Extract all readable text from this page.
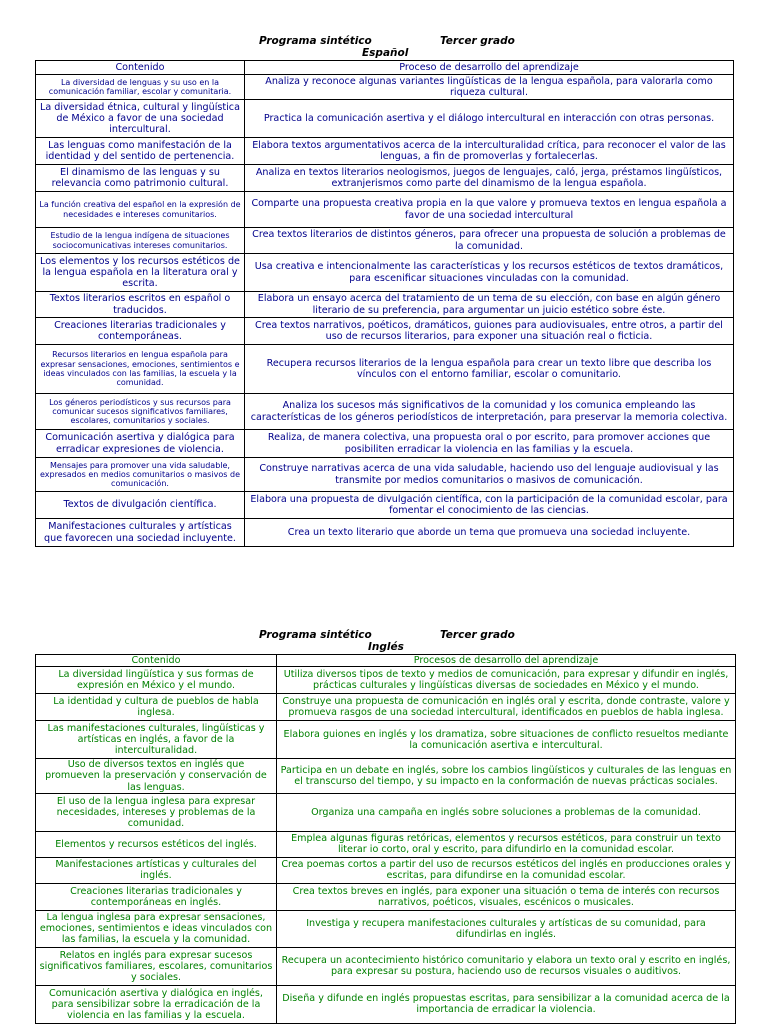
Programa sintético	Tercer grado
Español
Contenido	Proceso de desarrollo del aprendizaje
La diversidad de lenguas y su uso en la comunicación familiar, escolar y comunitaria.	Analiza y reconoce algunas variantes lingüísticas de la lengua española, para valorarla como riqueza cultural.
La diversidad étnica, cultural y lingüística de México a favor de una sociedad intercultural.	Practica la comunicación asertiva y el diálogo intercultural en interacción con otras personas.
Las lenguas como manifestación de la identidad y del sentido de pertenencia.	Elabora textos argumentativos acerca de la interculturalidad crítica, para reconocer el valor de las lenguas, a fin de promoverlas y fortalecerlas.
El dinamismo de las lenguas y su relevancia como patrimonio cultural.	Analiza en textos literarios neologismos, juegos de lenguajes, caló, jerga, préstamos lingüísticos, extranjerismos como parte del dinamismo de la lengua española.
La función creativa del español en la expresión de necesidades e intereses comunitarios.	Comparte una propuesta creativa propia en la que valore y promueva textos en lengua española a favor de una sociedad intercultural
Estudio de la lengua indígena de situaciones sociocomunicativas intereses comunitarios.	Crea textos literarios de distintos géneros, para ofrecer una propuesta de solución a problemas de la comunidad.
Los elementos y los recursos estéticos de la lengua española en la literatura oral y escrita.	Usa creativa e intencionalmente las características y los recursos estéticos de textos dramáticos, para escenificar situaciones vinculadas con la comunidad.
Textos literarios escritos en español o traducidos.	Elabora un ensayo acerca del tratamiento de un tema de su elección, con base en algún género literario de su preferencia, para argumentar un juicio estético sobre éste.
Creaciones literarias tradicionales y contemporáneas.	Crea textos narrativos, poéticos, dramáticos, guiones para audiovisuales, entre otros, a partir del uso de recursos literarios, para exponer una situación real o ficticia.
Recursos literarios en lengua española para expresar sensaciones, emociones, sentimientos e ideas vinculados con las familias, la escuela y la comunidad.	Recupera recursos literarios de la lengua española para crear un texto libre que describa los vínculos con el entorno familiar, escolar o comunitario.
Los géneros periodísticos y sus recursos para comunicar sucesos significativos familiares, escolares, comunitarios y sociales.	Analiza los sucesos más significativos de la comunidad y los comunica empleando las características de los géneros periodísticos de interpretación, para preservar la memoria colectiva.
Comunicación asertiva y dialógica para erradicar expresiones de violencia.	Realiza, de manera colectiva, una propuesta oral o por escrito, para promover acciones que posibiliten erradicar la violencia en las familias y la escuela.
Mensajes para promover una vida saludable, expresados en medios comunitarios o masivos de comunicación.	Construye narrativas acerca de una vida saludable, haciendo uso del lenguaje audiovisual y las transmite por medios comunitarios o masivos de comunicación.
Textos de divulgación científica.	Elabora una propuesta de divulgación científica, con la participación de la comunidad escolar, para fomentar el conocimiento de las ciencias.
Manifestaciones culturales y artísticas que favorecen una sociedad incluyente.	Crea un texto literario que aborde un tema que promueva una sociedad incluyente.
Programa sintético	Tercer grado
Inglés
Contenido	Procesos de desarrollo del aprendizaje
La diversidad lingüística y sus formas de expresión en México y el mundo.	Utiliza diversos tipos de texto y medios de comunicación, para expresar y difundir en inglés, prácticas culturales y lingüísticas diversas de sociedades en México y el mundo.
La identidad y cultura de pueblos de habla inglesa.	Construye una propuesta de comunicación en inglés oral y escrita, donde contraste, valore y promueva rasgos de una sociedad intercultural, identificados en pueblos de habla inglesa.
Las manifestaciones culturales, lingüísticas y artísticas en inglés, a favor de la interculturalidad.	Elabora guiones en inglés y los dramatiza, sobre situaciones de conflicto resueltos mediante la comunicación asertiva e intercultural.
Uso de diversos textos en inglés que promueven la preservación y conservación de las lenguas.	Participa en un debate en inglés, sobre los cambios lingüísticos y culturales de las lenguas en el transcurso del tiempo, y su impacto en la conformación de nuevas prácticas sociales.
El uso de la lengua inglesa para expresar necesidades, intereses y problemas de la comunidad.	Organiza una campaña en inglés sobre soluciones a problemas de la comunidad.
Elementos y recursos estéticos del inglés.	Emplea algunas figuras retóricas, elementos y recursos estéticos, para construir un texto literar io corto, oral y escrito, para difundirlo en la comunidad escolar.
Manifestaciones artísticas y culturales del inglés.	Crea poemas cortos a partir del uso de recursos estéticos del inglés en producciones orales y escritas, para difundirse en la comunidad escolar.
Creaciones literarias tradicionales y contemporáneas en inglés.	Crea textos breves en inglés, para exponer una situación o tema de interés con recursos narrativos, poéticos, visuales, escénicos o musicales.
La lengua inglesa para expresar sensaciones, emociones, sentimientos e ideas vinculados con las familias, la escuela y la comunidad.	Investiga y recupera manifestaciones culturales y artísticas de su comunidad, para difundirlas en inglés.
Relatos en inglés para expresar sucesos significativos familiares, escolares, comunitarios y sociales.	Recupera un acontecimiento histórico comunitario y elabora un texto oral y escrito en inglés, para expresar su postura, haciendo uso de recursos visuales o auditivos.
Comunicación asertiva y dialógica en inglés, para sensibilizar sobre la erradicación de la violencia en las familias y la escuela.	Diseña y difunde en inglés propuestas escritas, para sensibilizar a la comunidad acerca de la importancia de erradicar la violencia.
